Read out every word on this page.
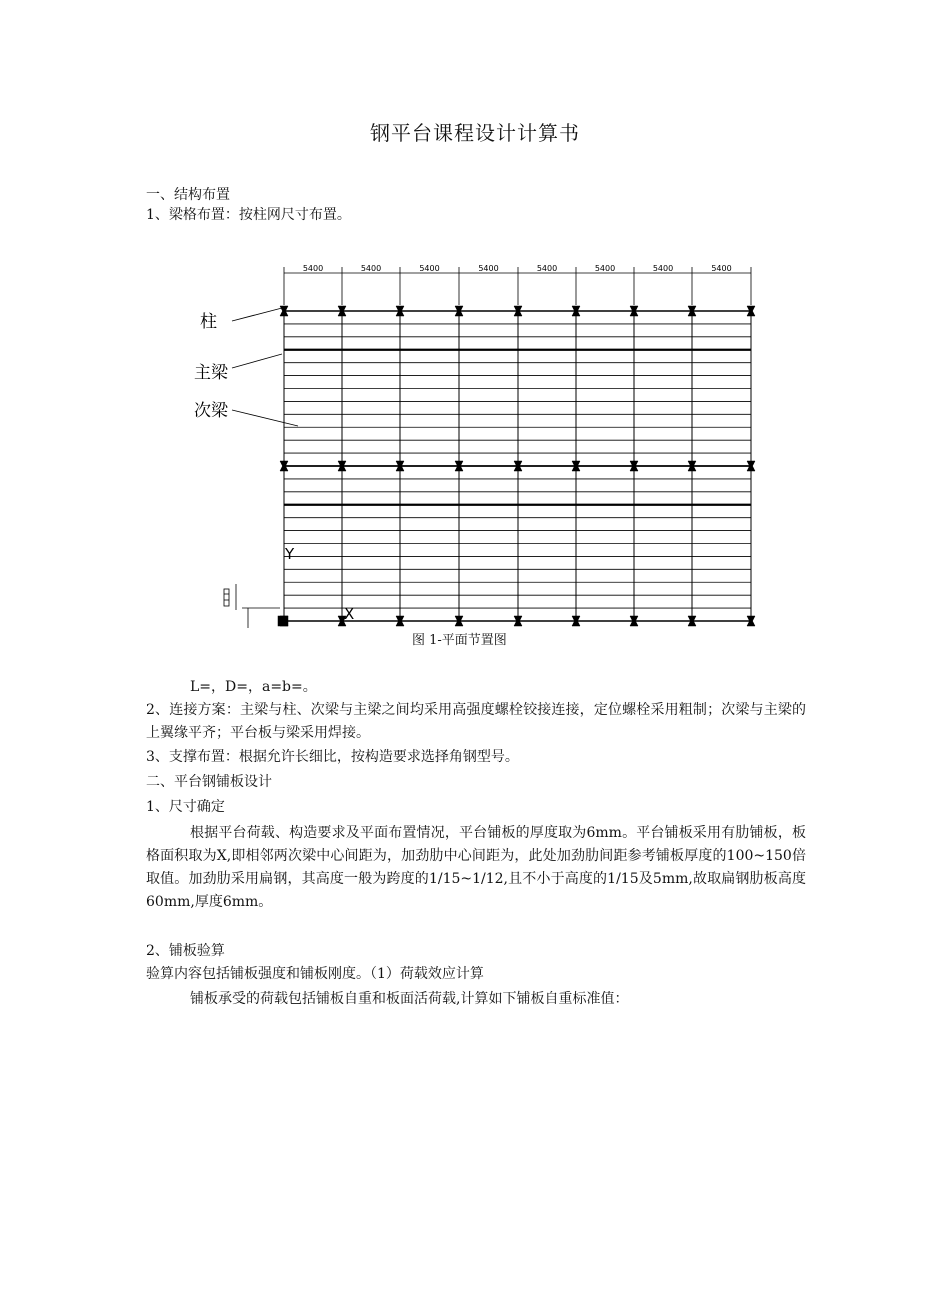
钢平台课程设计计算书
一、结构布置
1、梁格布置：按柱网尺寸布置。
5400	5400	5400	5400	5400	5400	5400	5400
柱
主梁
次梁
Y
X
图 1-平面节置图
L=，D=，a=b=。
2、连接方案：主梁与柱、次梁与主梁之间均采用高强度螺栓铰接连接，定位螺栓采用粗制；次梁与主梁的上翼缘平齐；平台板与梁采用焊接。
3、支撑布置：根据允许长细比，按构造要求选择角钢型号。
二、平台钢铺板设计
1、尺寸确定
根据平台荷载、构造要求及平面布置情况，平台铺板的厚度取为6mm。平台铺板采用有肋铺板，板格面积取为X,即相邻两次梁中心间距为，加劲肋中心间距为，此处加劲肋间距参考铺板厚度的100~150倍取值。加劲肋采用扁钢，其高度一般为跨度的1/15~1/12,且不小于高度的1/15及5mm,故取扁钢肋板高度60mm,厚度6mm。
2、铺板验算
验算内容包括铺板强度和铺板刚度。（1）荷载效应计算
铺板承受的荷载包括铺板自重和板面活荷载,计算如下铺板自重标准值：
